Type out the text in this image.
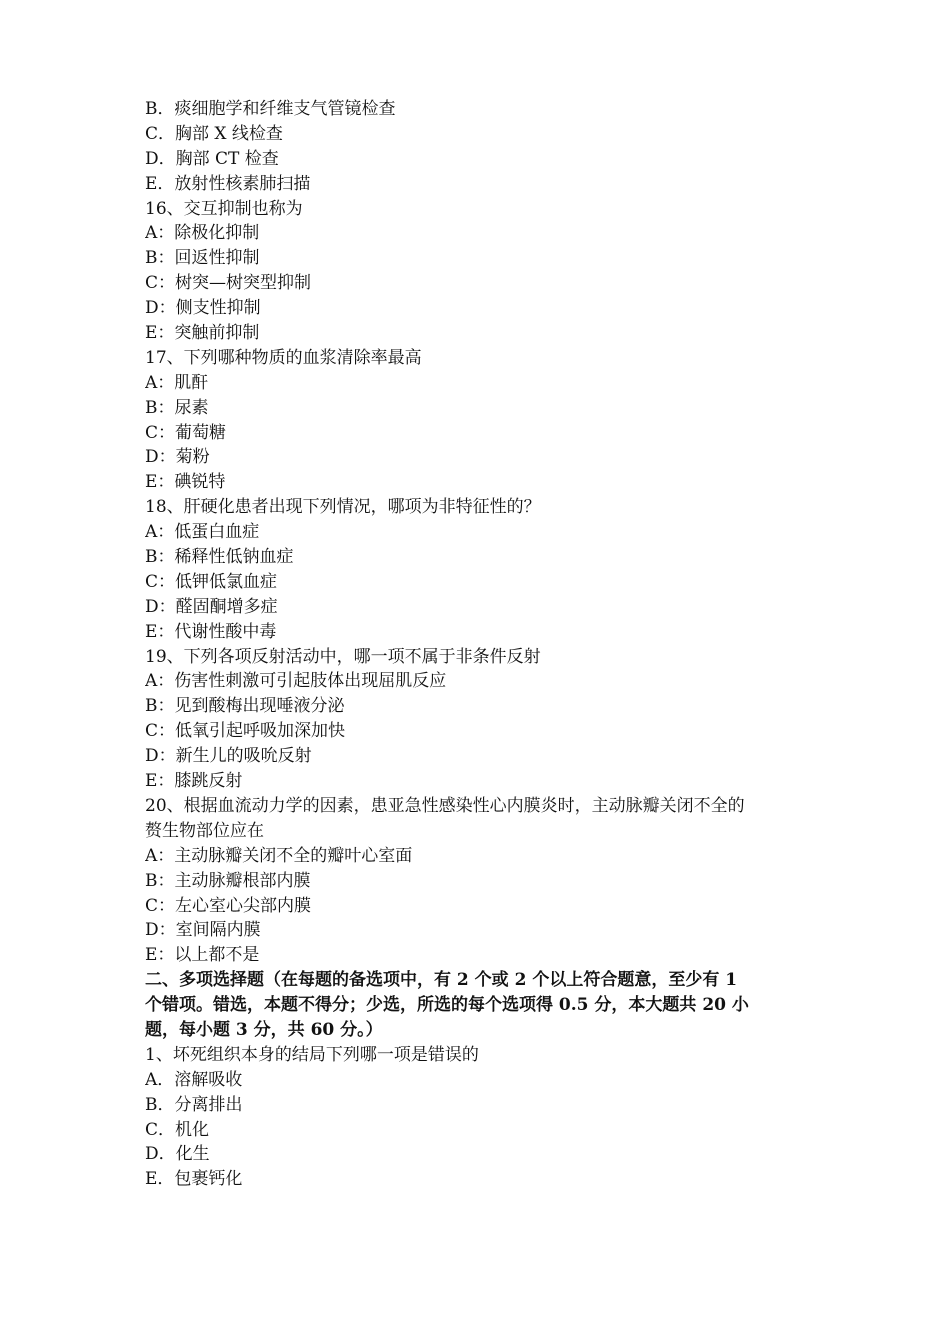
B．痰细胞学和纤维支气管镜检查
C．胸部 X 线检查
D．胸部 CT 检查
E．放射性核素肺扫描
16、交互抑制也称为
A：除极化抑制
B：回返性抑制
C：树突—树突型抑制
D：侧支性抑制
E：突触前抑制
17、下列哪种物质的血浆清除率最高
A：肌酐
B：尿素
C：葡萄糖
D：菊粉
E：碘锐特
18、肝硬化患者出现下列情况，哪项为非特征性的？
A：低蛋白血症
B：稀释性低钠血症
C：低钾低氯血症
D：醛固酮增多症
E：代谢性酸中毒
19、下列各项反射活动中，哪一项不属于非条件反射
A：伤害性刺激可引起肢体出现屈肌反应
B：见到酸梅出现唾液分泌
C：低氧引起呼吸加深加快
D：新生儿的吸吮反射
E：膝跳反射
20、根据血流动力学的因素，患亚急性感染性心内膜炎时，主动脉瓣关闭不全的
赘生物部位应在
A：主动脉瓣关闭不全的瓣叶心室面
B：主动脉瓣根部内膜
C：左心室心尖部内膜
D：室间隔内膜
E：以上都不是
二、多项选择题（在每题的备选项中，有 2 个或 2 个以上符合题意，至少有 1
个错项。错选，本题不得分；少选，所选的每个选项得 0.5 分，本大题共 20 小
题，每小题 3 分，共 60 分。）
1、坏死组织本身的结局下列哪一项是错误的
A．溶解吸收
B．分离排出
C．机化
D．化生
E．包裹钙化
